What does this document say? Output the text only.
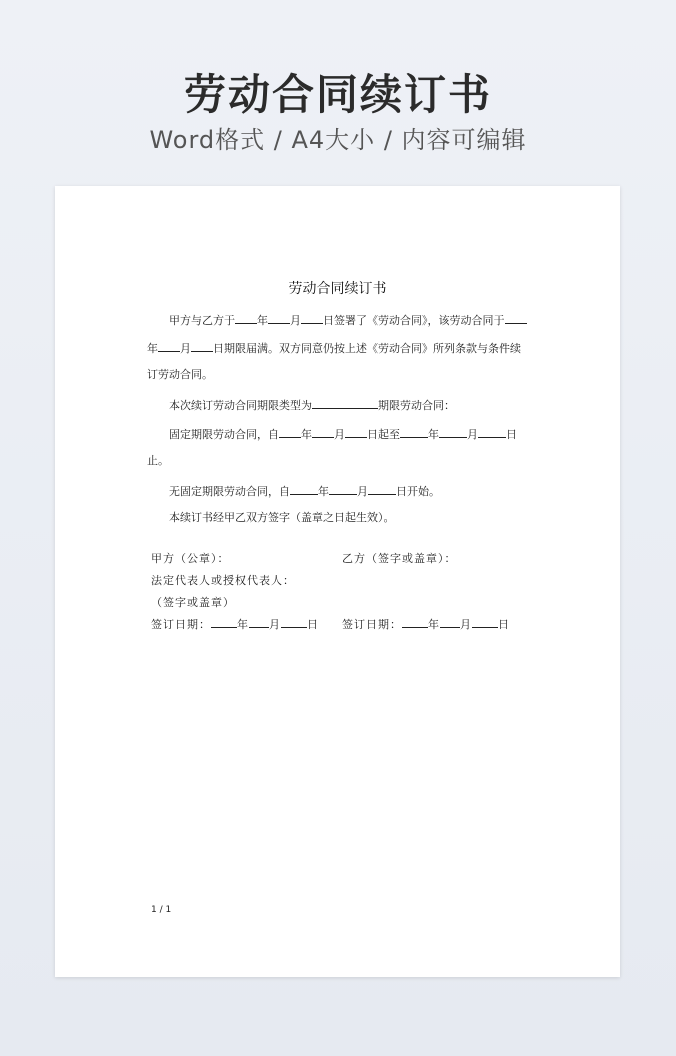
劳动合同续订书
Word格式 / A4大小 / 内容可编辑
劳动合同续订书
甲方与乙方于 年 月 日签署了《劳动合同》，该劳动合同于
年 月 日期限届满。双方同意仍按上述《劳动合同》所列条款与条件续
订劳动合同。
本次续订劳动合同期限类型为	期限劳动合同：
固定期限劳动合同，自 年 月 日起至	年	月	日
止。
无固定期限劳动合同，自	年	月	日开始。
本续订书经甲乙双方签字（盖章之日起生效）。
甲方（公章）：	乙方（签字或盖章）：
法定代表人或授权代表人：
（签字或盖章）
签订日期： 年 月 日 签订日期： 年 月 日
1 / 1
